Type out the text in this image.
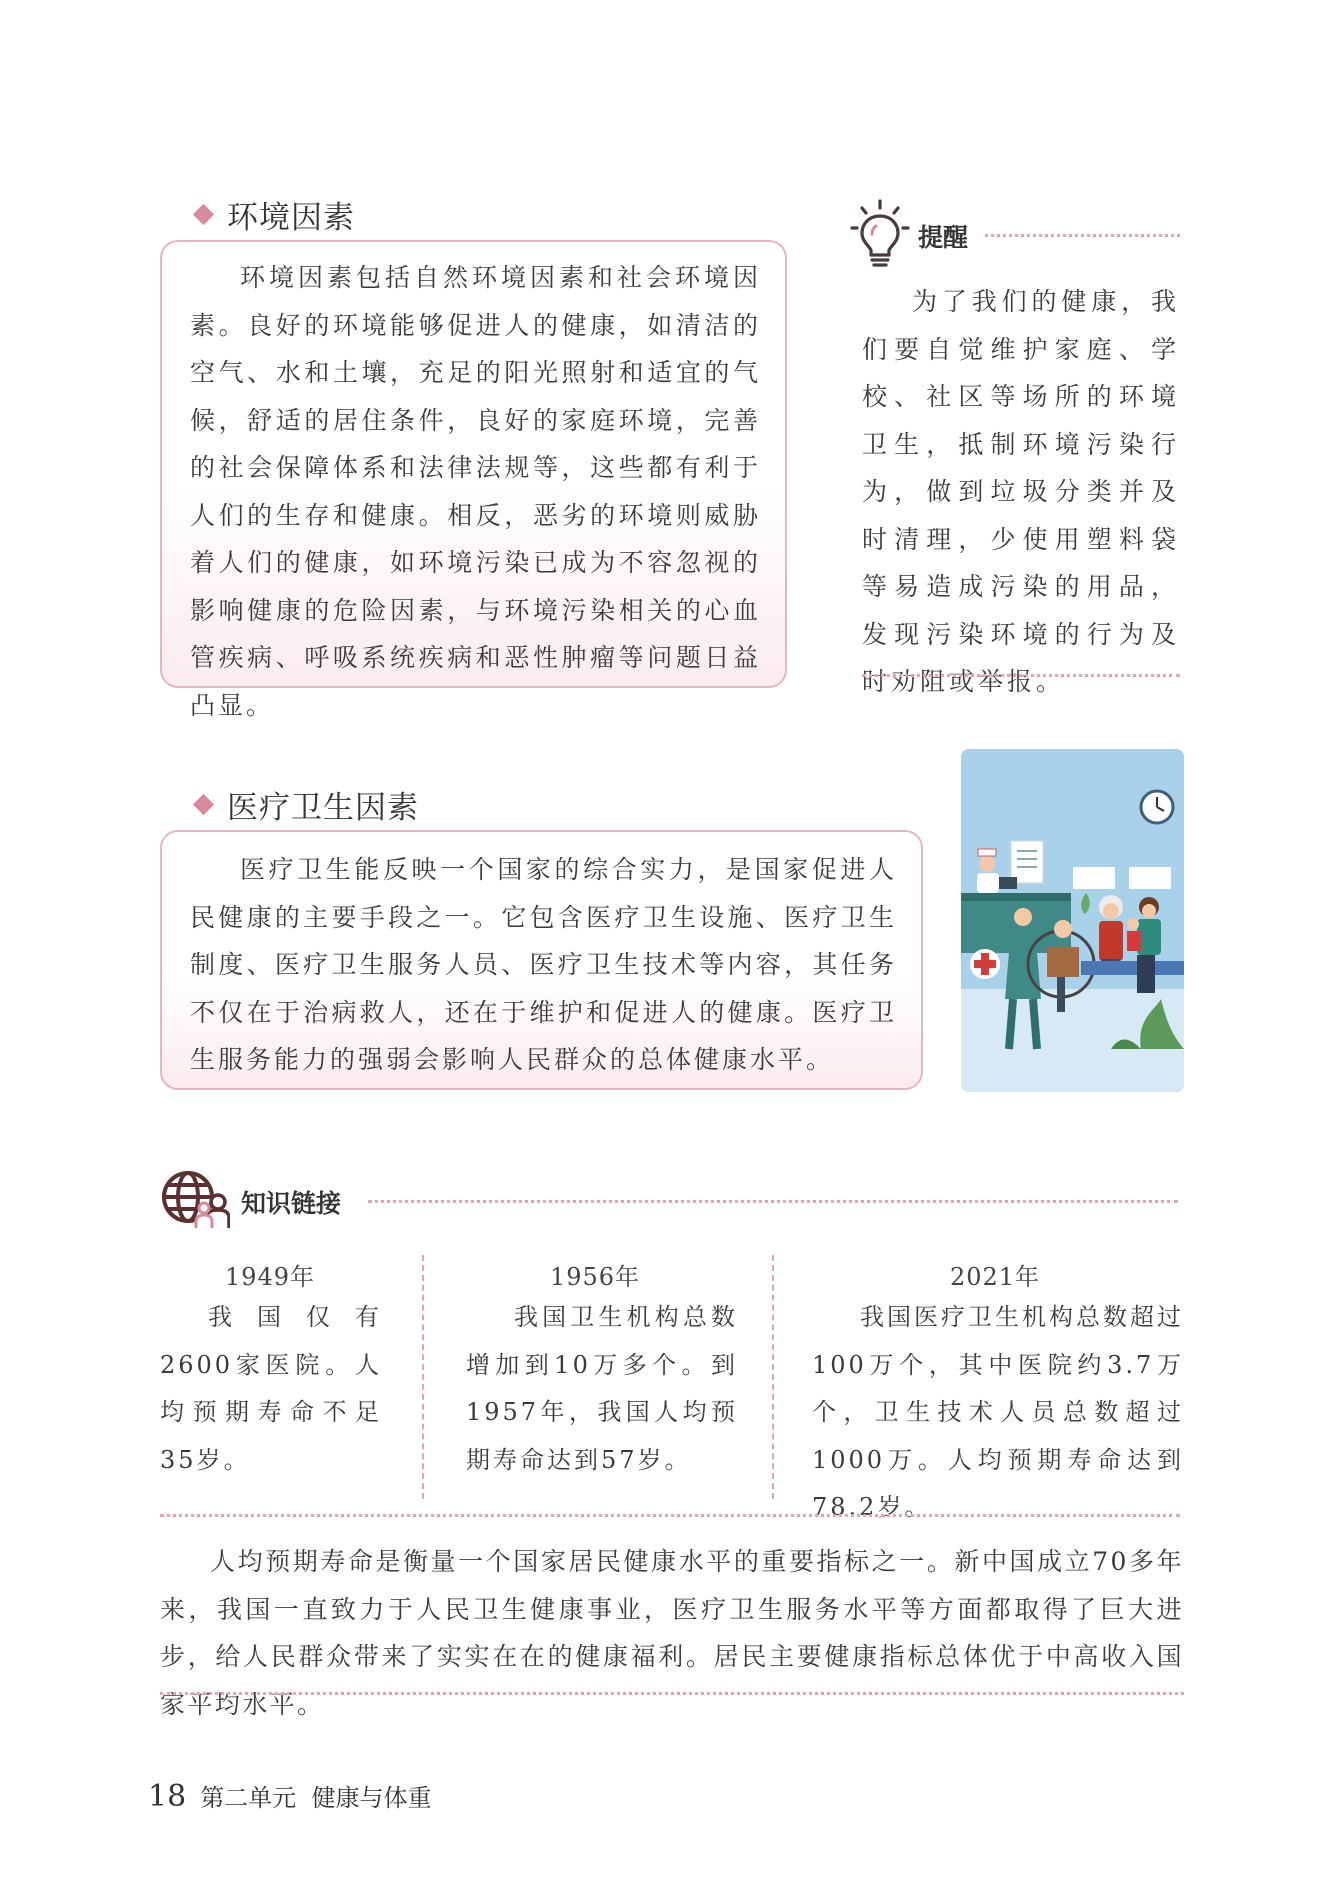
环境因素

环境因素包括自然环境因素和社会环境因素。良好的环境能够促进人的健康，如清洁的空气、水和土壤，充足的阳光照射和适宜的气候，舒适的居住条件，良好的家庭环境，完善的社会保障体系和法律法规等，这些都有利于人们的生存和健康。相反，恶劣的环境则威胁着人们的健康，如环境污染已成为不容忽视的影响健康的危险因素，与环境污染相关的心血管疾病、呼吸系统疾病和恶性肿瘤等问题日益凸显。

提醒

为了我们的健康，我们要自觉维护家庭、学校、社区等场所的环境卫生，抵制环境污染行为，做到垃圾分类并及时清理，少使用塑料袋等易造成污染的用品，发现污染环境的行为及时劝阻或举报。

医疗卫生因素

医疗卫生能反映一个国家的综合实力，是国家促进人民健康的主要手段之一。它包含医疗卫生设施、医疗卫生制度、医疗卫生服务人员、医疗卫生技术等内容，其任务不仅在于治病救人，还在于维护和促进人的健康。医疗卫生服务能力的强弱会影响人民群众的总体健康水平。

知识链接
1949年

我国仅有2600家医院。人均预期寿命不足35岁。

1956年

我国卫生机构总数增加到10万多个。到1957年，我国人均预期寿命达到57岁。

2021年

我国医疗卫生机构总数超过100万个，其中医院约3.7万个，卫生技术人员总数超过1000万。人均预期寿命达到78.2岁。

人均预期寿命是衡量一个国家居民健康水平的重要指标之一。新中国成立70多年来，我国一直致力于人民卫生健康事业，医疗卫生服务水平等方面都取得了巨大进步，给人民群众带来了实实在在的健康福利。居民主要健康指标总体优于中高收入国家平均水平。

18 第二单元  健康与体重
